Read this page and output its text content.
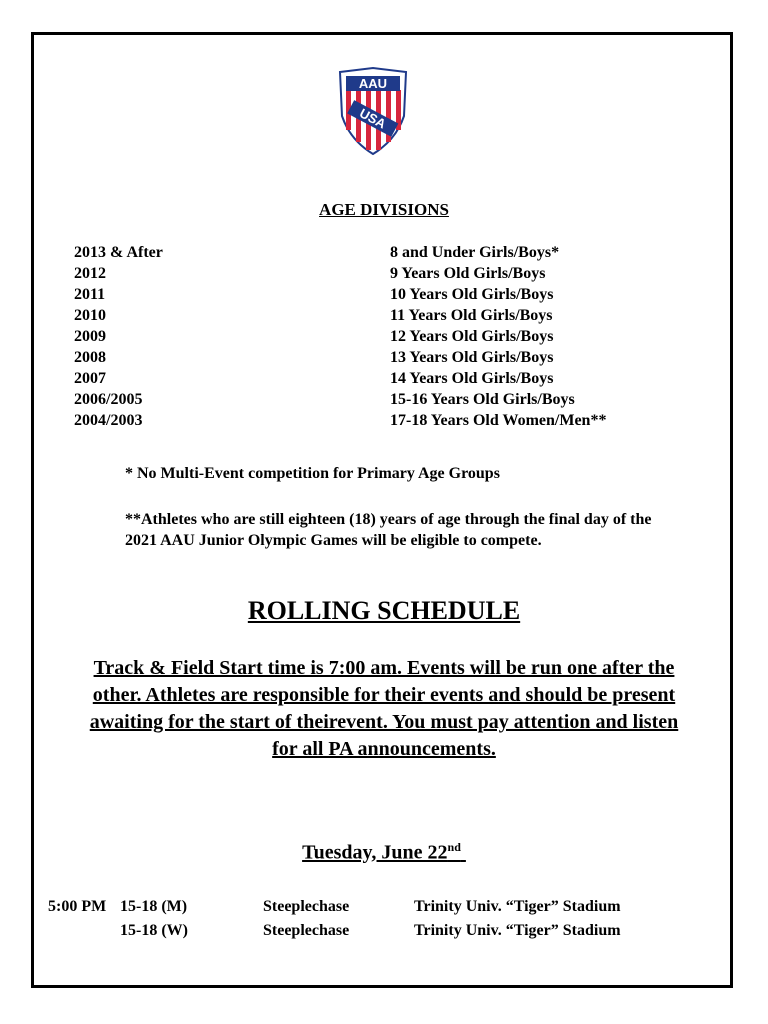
AAU
USA
AGE DIVISIONS
2013 & After	8 and Under Girls/Boys*
2012	9 Years Old Girls/Boys
2011	10 Years Old Girls/Boys
2010	11 Years Old Girls/Boys
2009	12 Years Old Girls/Boys
2008	13 Years Old Girls/Boys
2007	14 Years Old Girls/Boys
2006/2005	15-16 Years Old Girls/Boys
2004/2003	17-18 Years Old Women/Men**
* No Multi-Event competition for Primary Age Groups
**Athletes who are still eighteen (18) years of age through the final day of the
2021 AAU Junior Olympic Games will be eligible to compete.
ROLLING SCHEDULE
Track & Field Start time is 7:00 am. Events will be run one after the
other. Athletes are responsible for their events and should be present
awaiting for the start of theirevent. You must pay attention and listen
for all PA announcements.
Tuesday, June 22nd
5:00 PM 15-18 (M)	Steeplechase	Trinity Univ. “Tiger” Stadium
15-18 (W)	Steeplechase	Trinity Univ. “Tiger” Stadium
